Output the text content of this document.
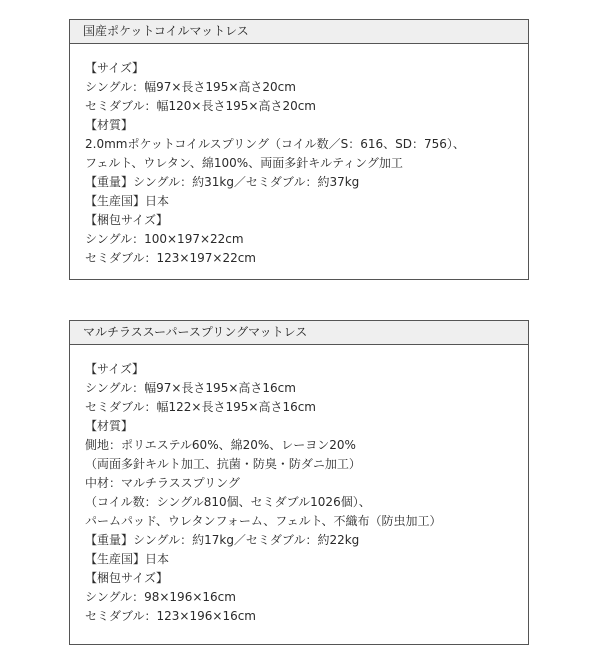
国産ポケットコイルマットレス
【サイズ】
シングル：幅97×長さ195×高さ20cm
セミダブル：幅120×長さ195×高さ20cm
【材質】
2.0mmポケットコイルスプリング（コイル数／S：616、SD：756）、
フェルト、ウレタン、綿100%、両面多針キルティング加工
【重量】シングル：約31kg／セミダブル：約37kg
【生産国】日本
【梱包サイズ】
シングル：100×197×22cm
セミダブル：123×197×22cm
マルチラススーパースプリングマットレス
【サイズ】
シングル：幅97×長さ195×高さ16cm
セミダブル：幅122×長さ195×高さ16cm
【材質】
側地：ポリエステル60%、綿20%、レーヨン20%
（両面多針キルト加工、抗菌・防臭・防ダニ加工）
中材：マルチラススプリング
（コイル数：シングル810個、セミダブル1026個）、
パームパッド、ウレタンフォーム、フェルト、不織布（防虫加工）
【重量】シングル：約17kg／セミダブル：約22kg
【生産国】日本
【梱包サイズ】
シングル：98×196×16cm
セミダブル：123×196×16cm
